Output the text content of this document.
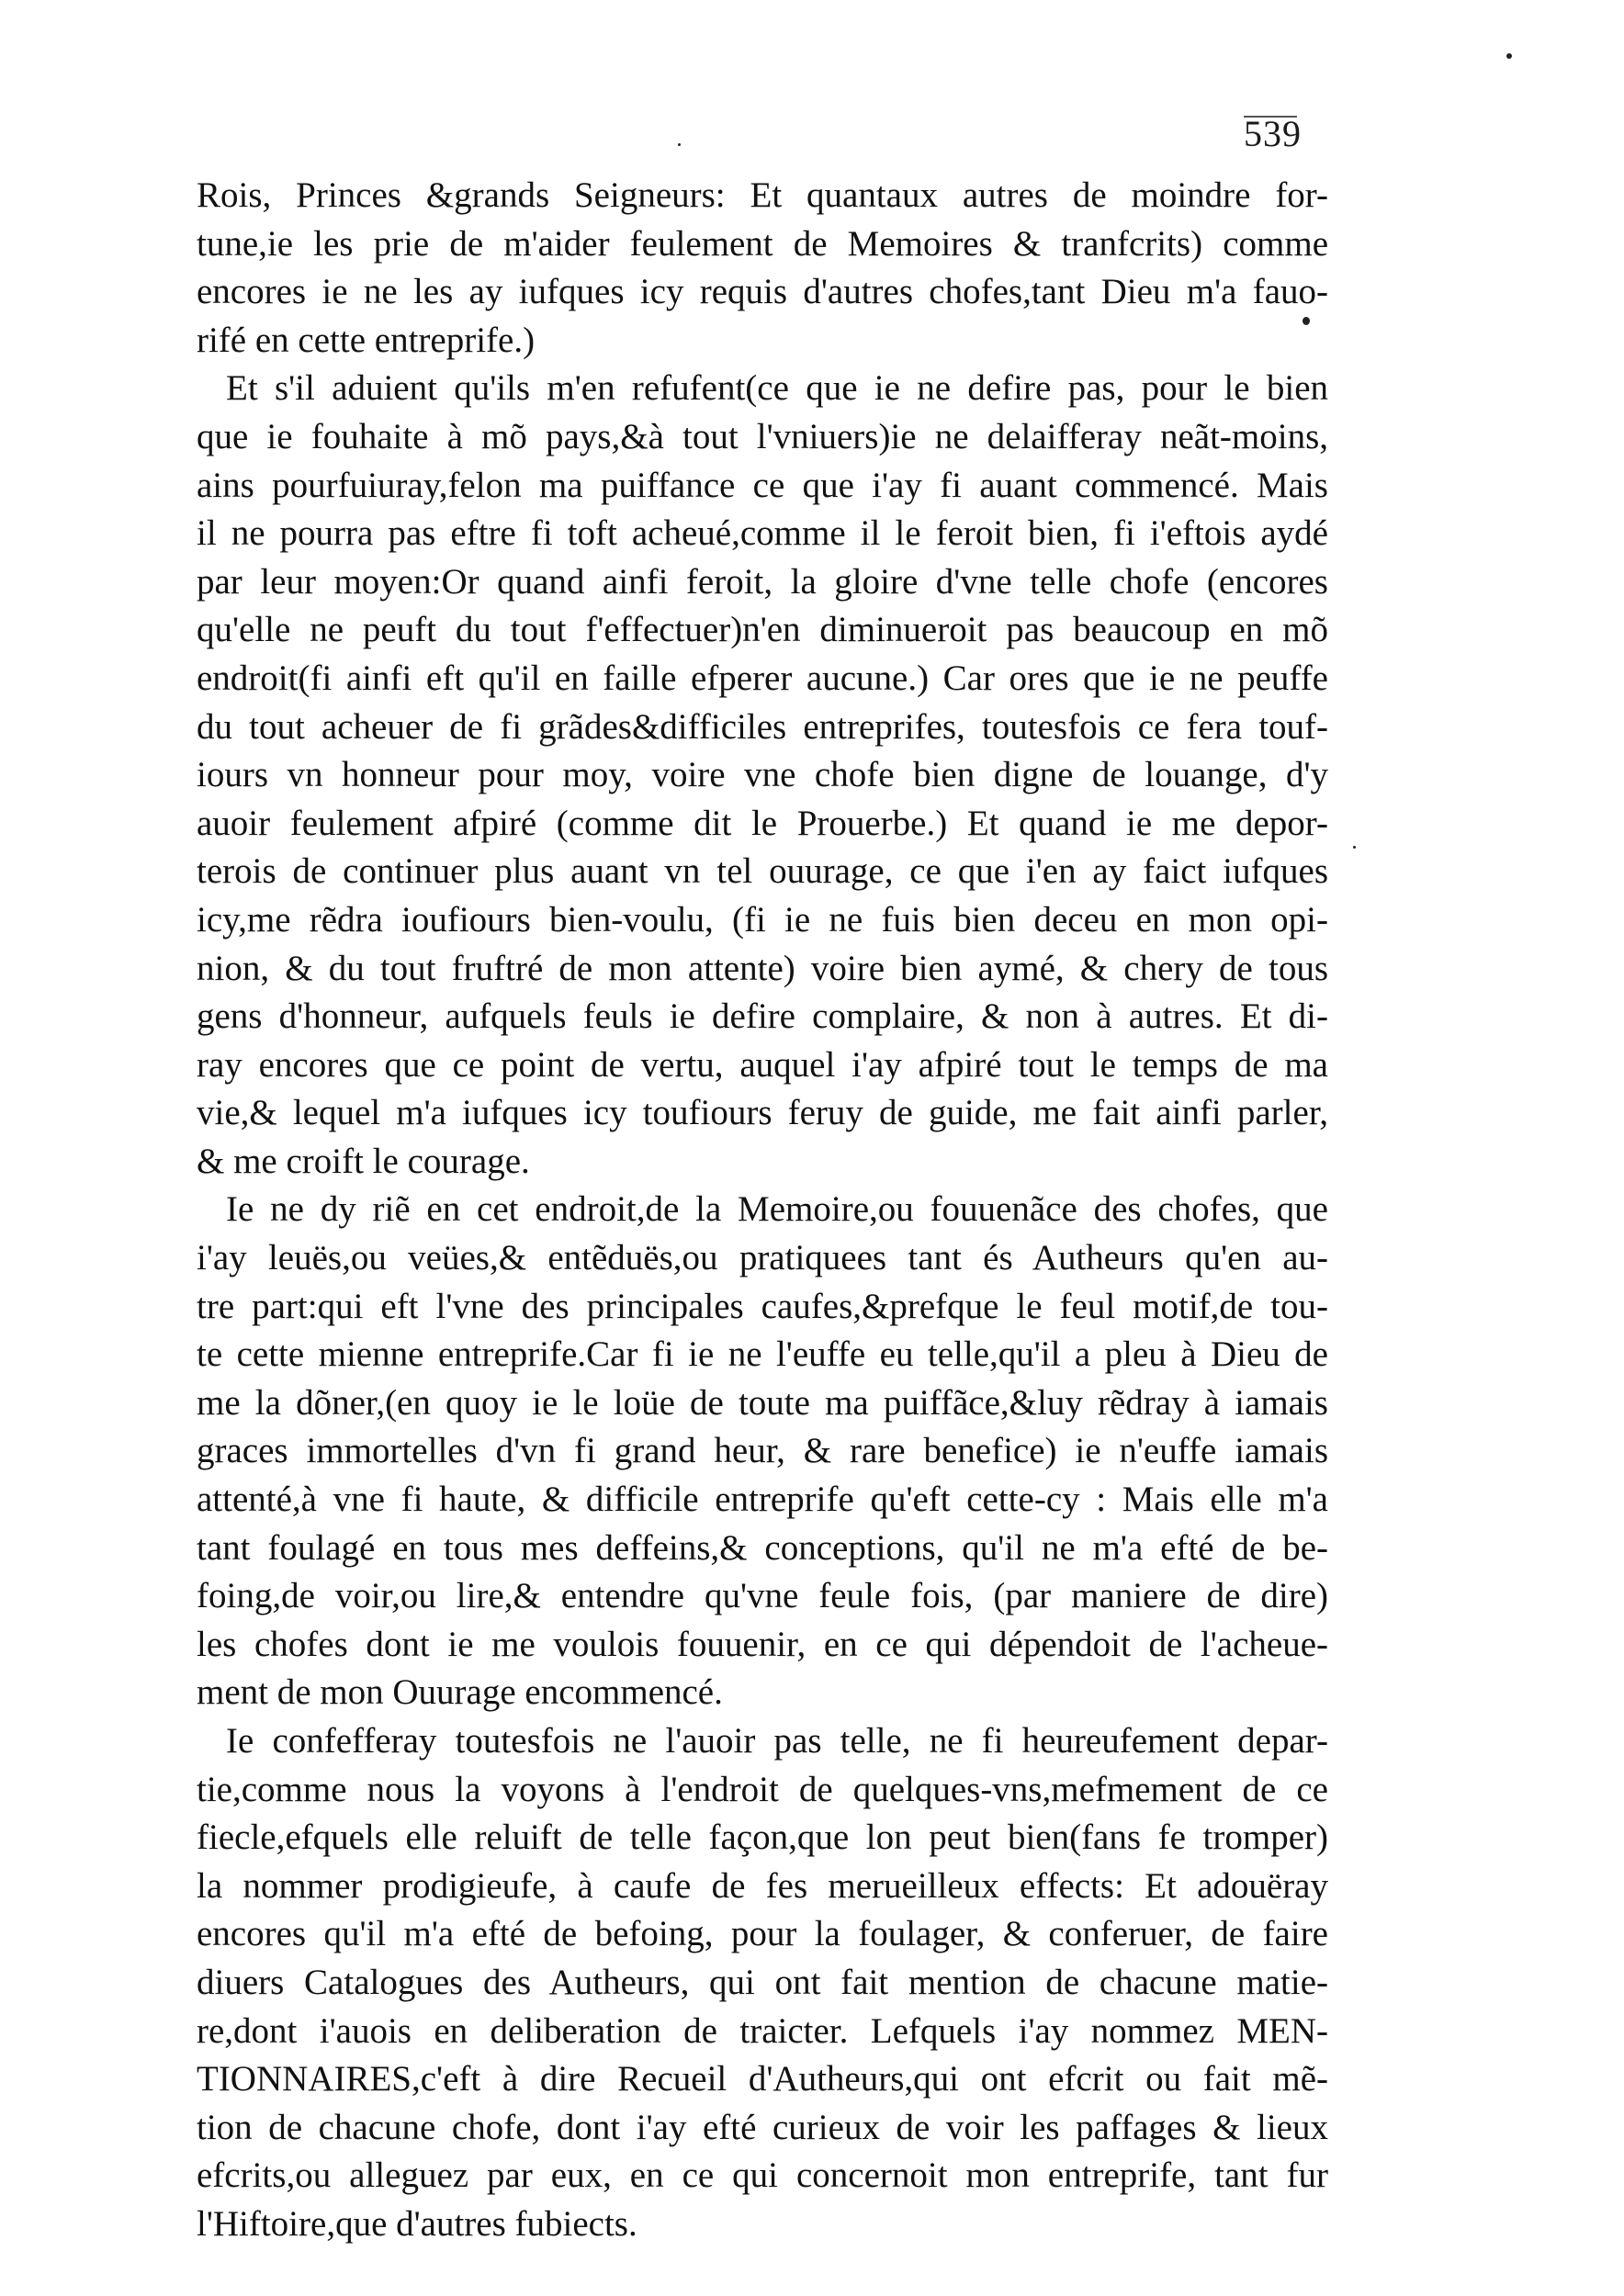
539
Rois, Princes &grands Seigneurs: Et quantaux autres de moindre for-
tune,ie les prie de m'aider feulement de Memoires & tranfcrits) comme
encores ie ne les ay iufques icy requis d'autres chofes,tant Dieu m'a fauo-
rifé en cette entreprife.)
Et s'il aduient qu'ils m'en refufent(ce que ie ne defire pas, pour le bien
que ie fouhaite à mõ pays,&à tout l'vniuers)ie ne delaifferay neãt-moins,
ains pourfuiuray,felon ma puiffance ce que i'ay fi auant commencé. Mais
il ne pourra pas eftre fi toft acheué,comme il le feroit bien, fi i'eftois aydé
par leur moyen:Or quand ainfi feroit, la gloire d'vne telle chofe (encores
qu'elle ne peuft du tout f'effectuer)n'en diminueroit pas beaucoup en mõ
endroit(fi ainfi eft qu'il en faille efperer aucune.) Car ores que ie ne peuffe
du tout acheuer de fi grãdes&difficiles entreprifes, toutesfois ce fera touf-
iours vn honneur pour moy, voire vne chofe bien digne de louange, d'y
auoir feulement afpiré (comme dit le Prouerbe.) Et quand ie me depor-
terois de continuer plus auant vn tel ouurage, ce que i'en ay faict iufques
icy,me rẽdra ioufiours bien-voulu, (fi ie ne fuis bien deceu en mon opi-
nion, & du tout fruftré de mon attente) voire bien aymé, & chery de tous
gens d'honneur, aufquels feuls ie defire complaire, & non à autres. Et di-
ray encores que ce point de vertu, auquel i'ay afpiré tout le temps de ma
vie,& lequel m'a iufques icy toufiours feruy de guide, me fait ainfi parler,
& me croift le courage.
Ie ne dy riẽ en cet endroit,de la Memoire,ou fouuenãce des chofes, que
i'ay leuës,ou veües,& entẽduës,ou pratiquees tant és Autheurs qu'en au-
tre part:qui eft l'vne des principales caufes,&prefque le feul motif,de tou-
te cette mienne entreprife.Car fi ie ne l'euffe eu telle,qu'il a pleu à Dieu de
me la dõner,(en quoy ie le loüe de toute ma puiffãce,&luy rẽdray à iamais
graces immortelles d'vn fi grand heur, & rare benefice) ie n'euffe iamais
attenté,à vne fi haute, & difficile entreprife qu'eft cette-cy : Mais elle m'a
tant foulagé en tous mes deffeins,& conceptions, qu'il ne m'a efté de be-
foing,de voir,ou lire,& entendre qu'vne feule fois, (par maniere de dire)
les chofes dont ie me voulois fouuenir, en ce qui dépendoit de l'acheue-
ment de mon Ouurage encommencé.
Ie confefferay toutesfois ne l'auoir pas telle, ne fi heureufement depar-
tie,comme nous la voyons à l'endroit de quelques-vns,mefmement de ce
fiecle,efquels elle reluift de telle façon,que lon peut bien(fans fe tromper)
la nommer prodigieufe, à caufe de fes merueilleux effects: Et adouëray
encores qu'il m'a efté de befoing, pour la foulager, & conferuer, de faire
diuers Catalogues des Autheurs, qui ont fait mention de chacune matie-
re,dont i'auois en deliberation de traicter. Lefquels i'ay nommez MEN-
TIONNAIRES,c'eft à dire Recueil d'Autheurs,qui ont efcrit ou fait mẽ-
tion de chacune chofe, dont i'ay efté curieux de voir les paffages & lieux
efcrits,ou alleguez par eux, en ce qui concernoit mon entreprife, tant fur
l'Hiftoire,que d'autres fubiects.
